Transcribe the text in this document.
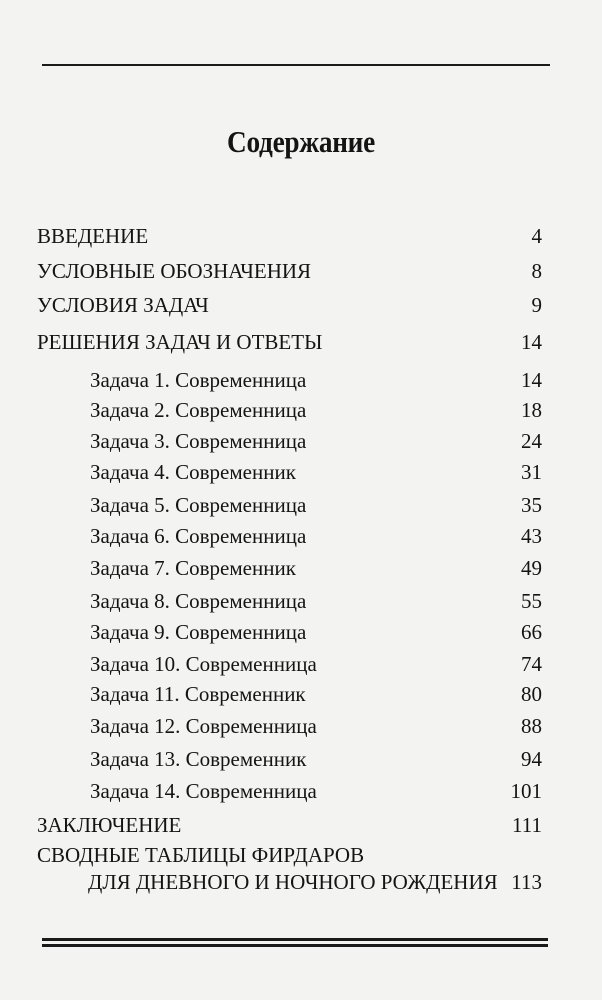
Содержание
ВВЕДЕНИЕ	4
УСЛОВНЫЕ ОБОЗНАЧЕНИЯ	8
УСЛОВИЯ ЗАДАЧ	9
РЕШЕНИЯ ЗАДАЧ И ОТВЕТЫ	14
Задача 1. Современница	14
Задача 2. Современница	18
Задача 3. Современница	24
Задача 4. Современник	31
Задача 5. Современница	35
Задача 6. Современница	43
Задача 7. Современник	49
Задача 8. Современница	55
Задача 9. Современница	66
Задача 10. Современница	74
Задача 11. Современник	80
Задача 12. Современница	88
Задача 13. Современник	94
Задача 14. Современница	101
ЗАКЛЮЧЕНИЕ	111
СВОДНЫЕ ТАБЛИЦЫ ФИРДАРОВ
ДЛЯ ДНЕВНОГО И НОЧНОГО РОЖДЕНИЯ 113
